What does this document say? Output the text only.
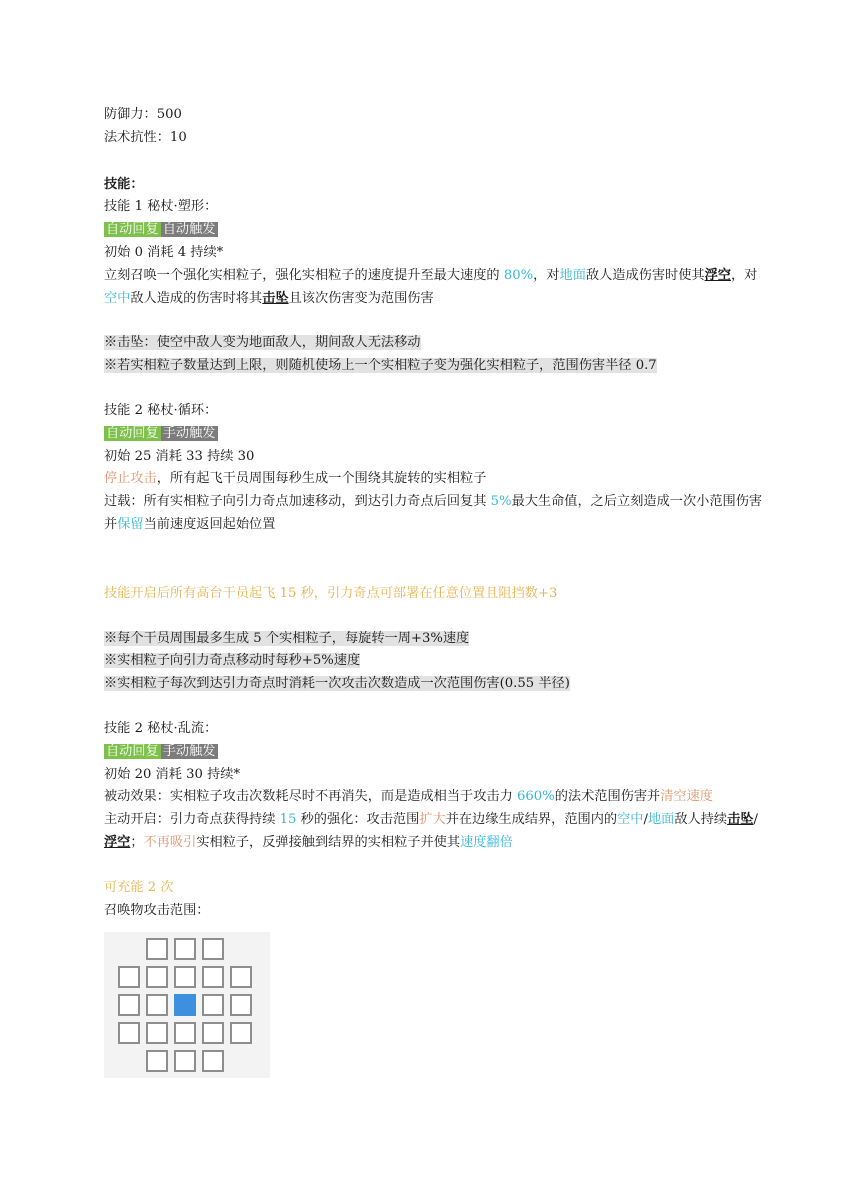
防御力：500
法术抗性：10
技能：
技能 1 秘杖·塑形：
自动回复 自动触发
初始 0 消耗 4 持续*
立刻召唤一个强化实相粒子，强化实相粒子的速度提升至最大速度的 80%，对地面敌人造成伤害时使其浮空，对空中敌人造成的伤害时将其击坠且该次伤害变为范围伤害
※击坠：使空中敌人变为地面敌人，期间敌人无法移动
※若实相粒子数量达到上限，则随机使场上一个实相粒子变为强化实相粒子，范围伤害半径 0.7
技能 2 秘杖·循环：
自动回复 手动触发
初始 25 消耗 33 持续 30
停止攻击，所有起飞干员周围每秒生成一个围绕其旋转的实相粒子
过载：所有实相粒子向引力奇点加速移动，到达引力奇点后回复其 5%最大生命值，之后立刻造成一次小范围伤害并保留当前速度返回起始位置
技能开启后所有高台干员起飞 15 秒，引力奇点可部署在任意位置且阻挡数+3
※每个干员周围最多生成 5 个实相粒子，每旋转一周+3%速度
※实相粒子向引力奇点移动时每秒+5%速度
※实相粒子每次到达引力奇点时消耗一次攻击次数造成一次范围伤害(0.55 半径)
技能 2 秘杖·乱流：
自动回复 手动触发
初始 20 消耗 30 持续*
被动效果：实相粒子攻击次数耗尽时不再消失，而是造成相当于攻击力 660%的法术范围伤害并清空速度
主动开启：引力奇点获得持续 15 秒的强化：攻击范围扩大并在边缘生成结界，范围内的空中/地面敌人持续击坠/浮空；不再吸引实相粒子，反弹接触到结界的实相粒子并使其速度翻倍
可充能 2 次
召唤物攻击范围：
